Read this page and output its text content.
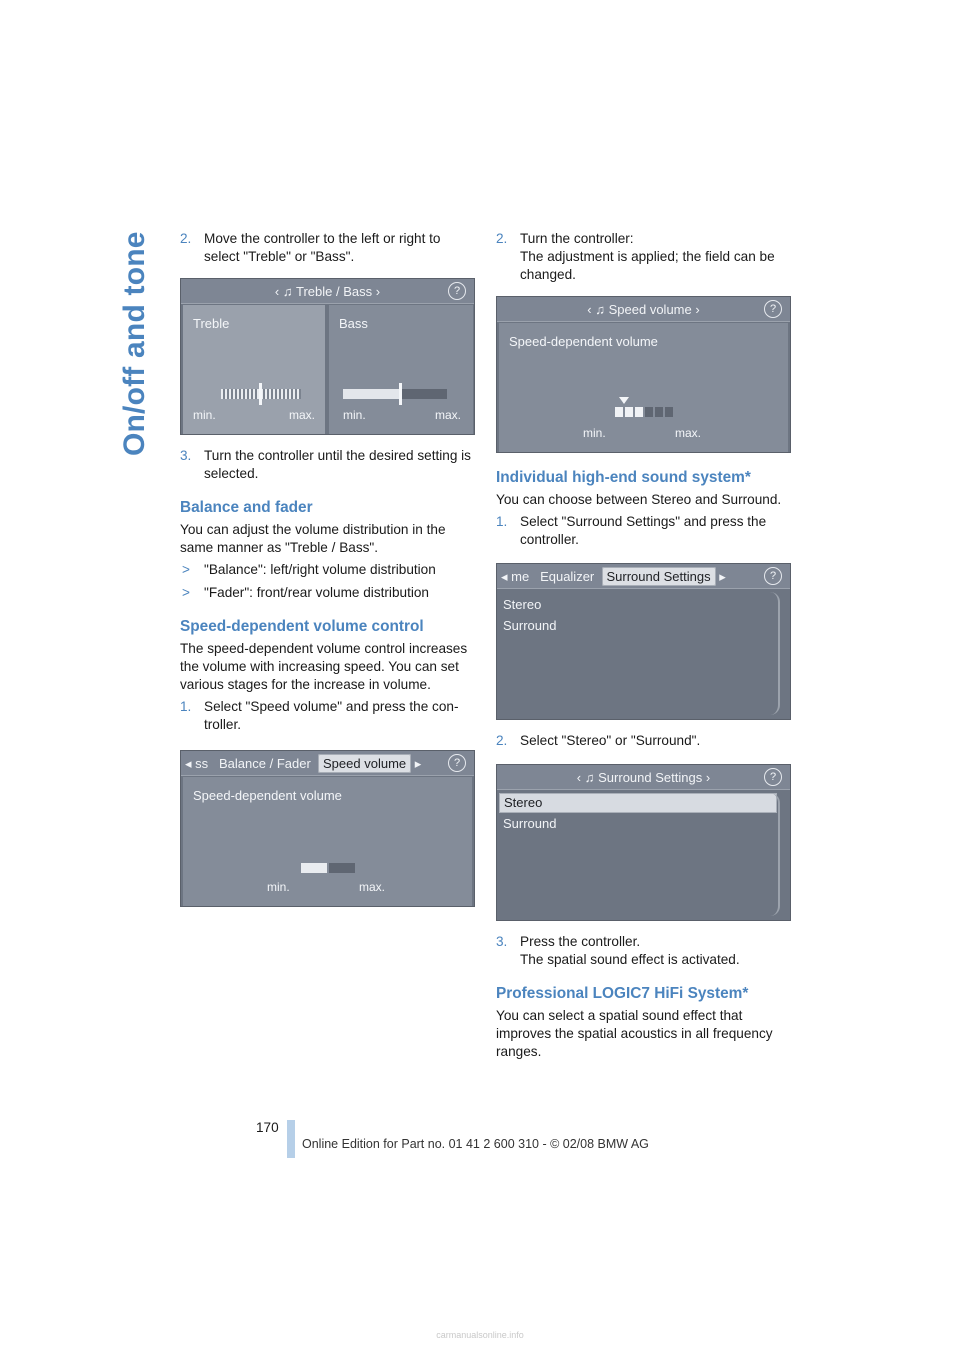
On/off and tone 2. Move the controller to the left or right to select "Treble" or "Bass".
‹ ♫ Treble / Bass ›	?
Treble
min.	max.
Bass
min.	max.
3. Turn the controller until the desired setting is selected.
Balance and fader

You can adjust the volume distribution in the same manner as "Treble / Bass".

> "Balance": left/right volume distribution
> "Fader": front/rear volume distribution
Speed-dependent volume control

The speed-dependent volume control increases the volume with increasing speed. You can set various stages for the increase in volume.

1. Select "Speed volume" and press the con-troller.
◂ ss Balance / Fader Speed volume ▸	?
Speed-dependent volume
min.	max.
2. Turn the controller:
The adjustment is applied; the field can be changed.
‹ ♫ Speed volume ›	?
Speed-dependent volume
min.	max.
Individual high-end sound system*

You can choose between Stereo and Surround.

1. Select "Surround Settings" and press the controller.
◂ me Equalizer Surround Settings ▸	?
Stereo
Surround
2. Select "Stereo" or "Surround".
‹ ♫ Surround Settings ›	?
Stereo
Surround
3. Press the controller.
The spatial sound effect is activated.
Professional LOGIC7 HiFi System*

You can select a spatial sound effect that improves the spatial acoustics in all frequency ranges.

170
Online Edition for Part no. 01 41 2 600 310 - © 02/08 BMW AG
carmanualsonline.info
